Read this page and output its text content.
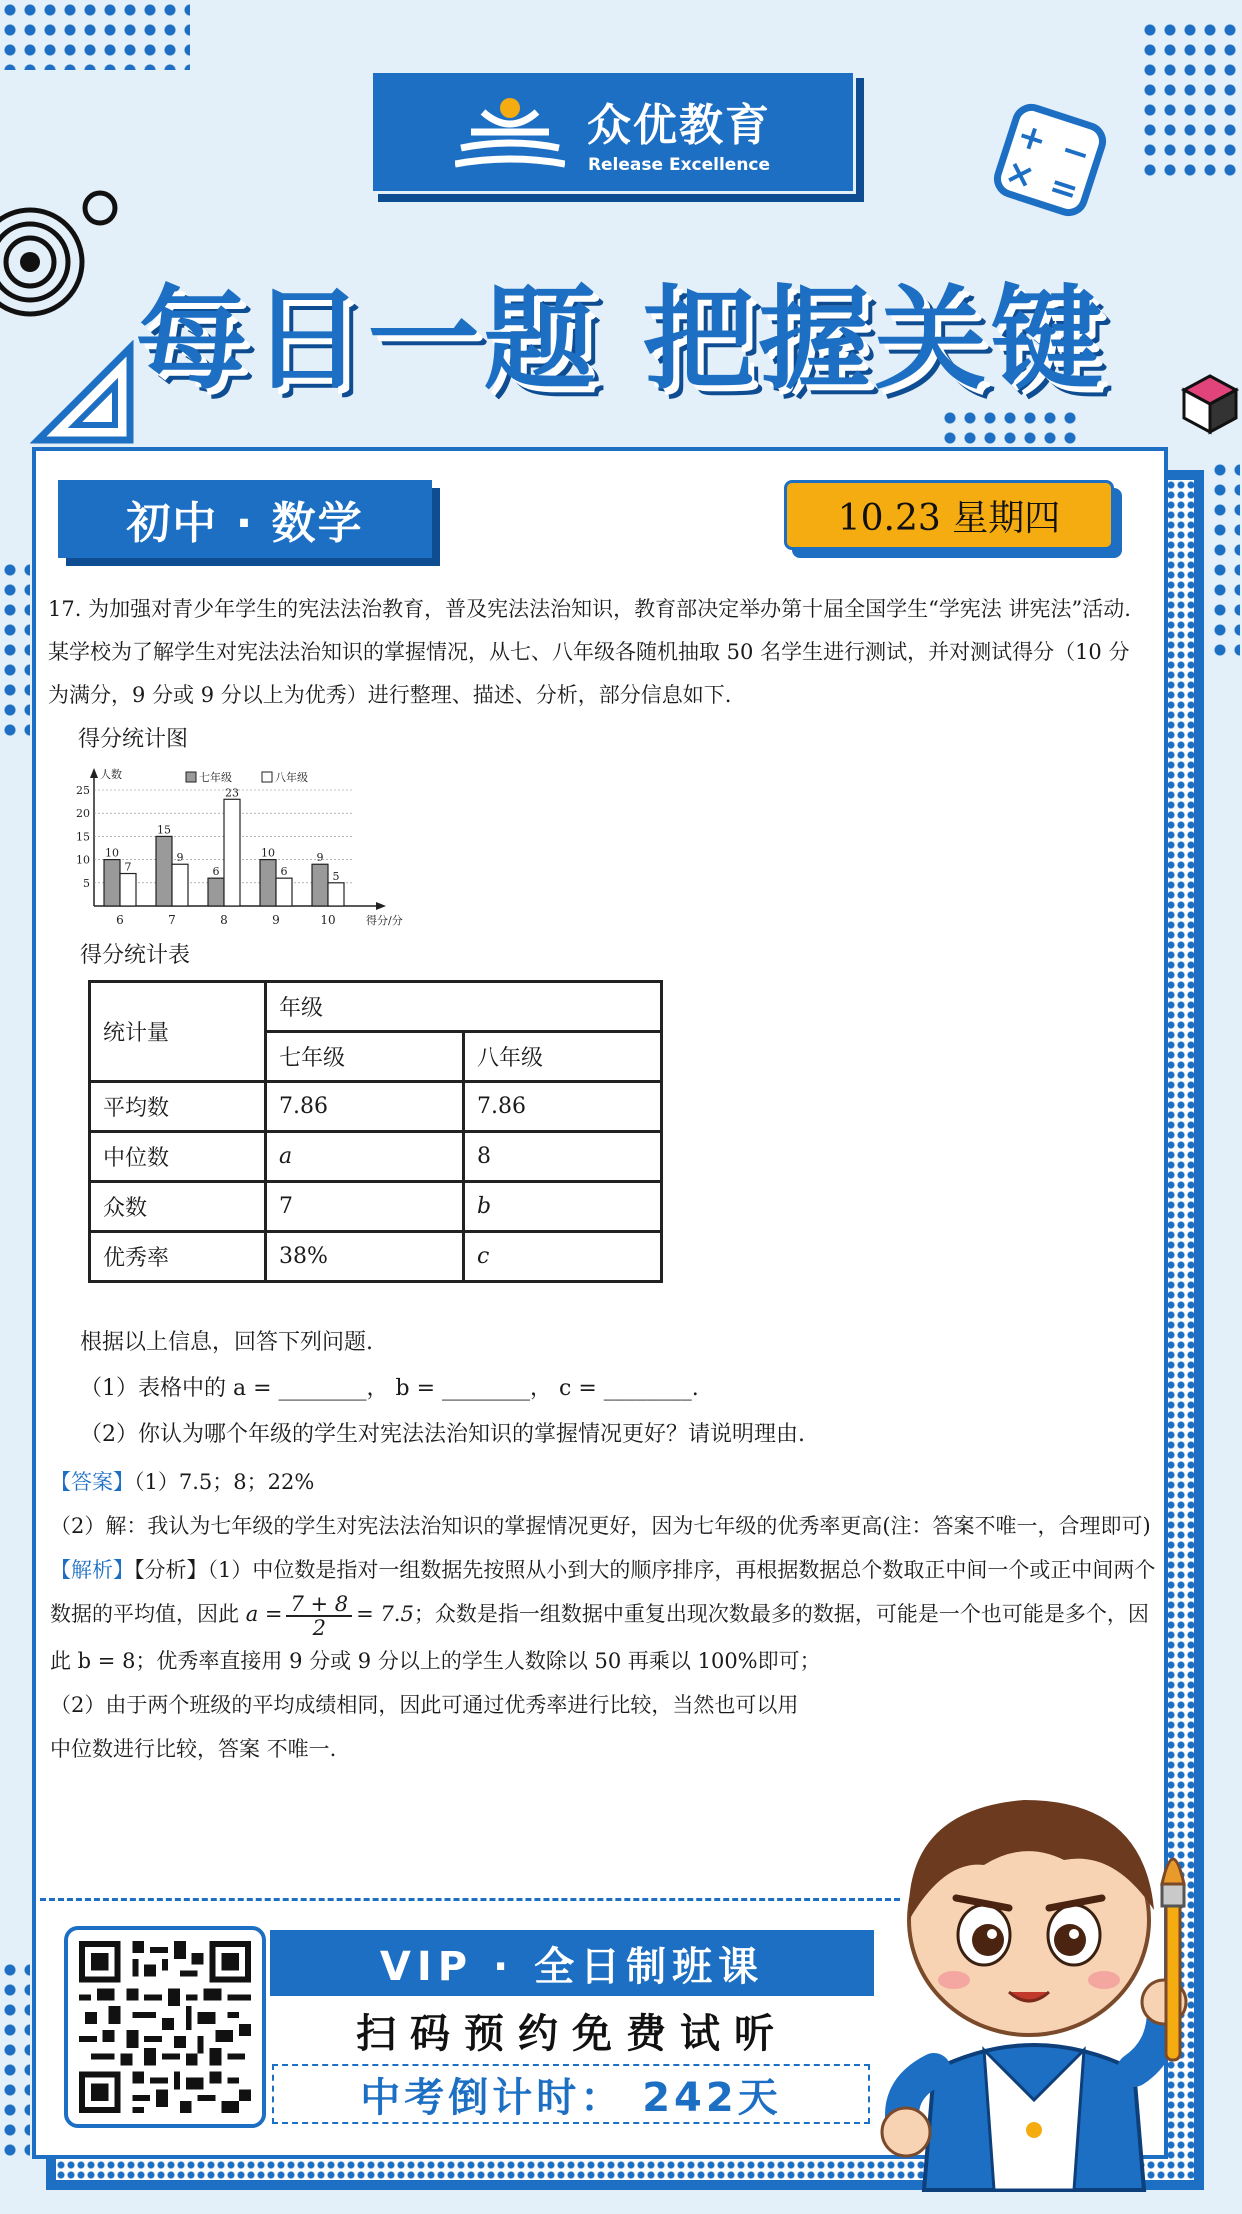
+ −
× =
众优教育
Release Excellence
每日一题 把握关键
初中 · 数学	10.23 星期四
17. 为加强对青少年学生的宪法法治教育，普及宪法法治知识，教育部决定举办第十届全国学生“学宪法 讲宪法”活动. 某学校为了解学生对宪法法治知识的掌握情况，从七、八年级各随机抽取 50 名学生进行测试，并对测试得分（10 分为满分，9 分或 9 分以上为优秀）进行整理、描述、分析，部分信息如下.
得分统计图
人数
得分/分
5
10
15
20
25
七年级	八年级
6
10
7
7
15
9
8
6
23
9
10
6
10
9
5
得分统计表
统计量	年级	
	七年级	八年级
平均数	7.86	7.86
中位数	a	8
众数	7	b
优秀率	38%	c
根据以上信息，回答下列问题.
（1）表格中的 a = ________， b = ________， c = ________.
（2）你认为哪个年级的学生对宪法法治知识的掌握情况更好？请说明理由.
【答案】（1）7.5；8；22%
（2）解：我认为七年级的学生对宪法法治知识的掌握情况更好，因为七年级的优秀率更高(注：答案不唯一，合理即可)
【解析】【分析】（1）中位数是指对一组数据先按照从小到大的顺序排序，再根据数据总个数取正中间一个或正中间两个数据的平均值，因此 $a = \frac{7 + 8}{2} = 7.5$；众数是指一组数据中重复出现次数最多的数据，可能是一个也可能是多个，因此 b = 8；优秀率直接用 9 分或 9 分以上的学生人数除以 50 再乘以 100%即可；
（2）由于两个班级的平均成绩相同，因此可通过优秀率进行比较，当然也可以用
中位数进行比较，答案 不唯一.
VIP · 全日制班课
扫码预约免费试听
中考倒计时： 242天
